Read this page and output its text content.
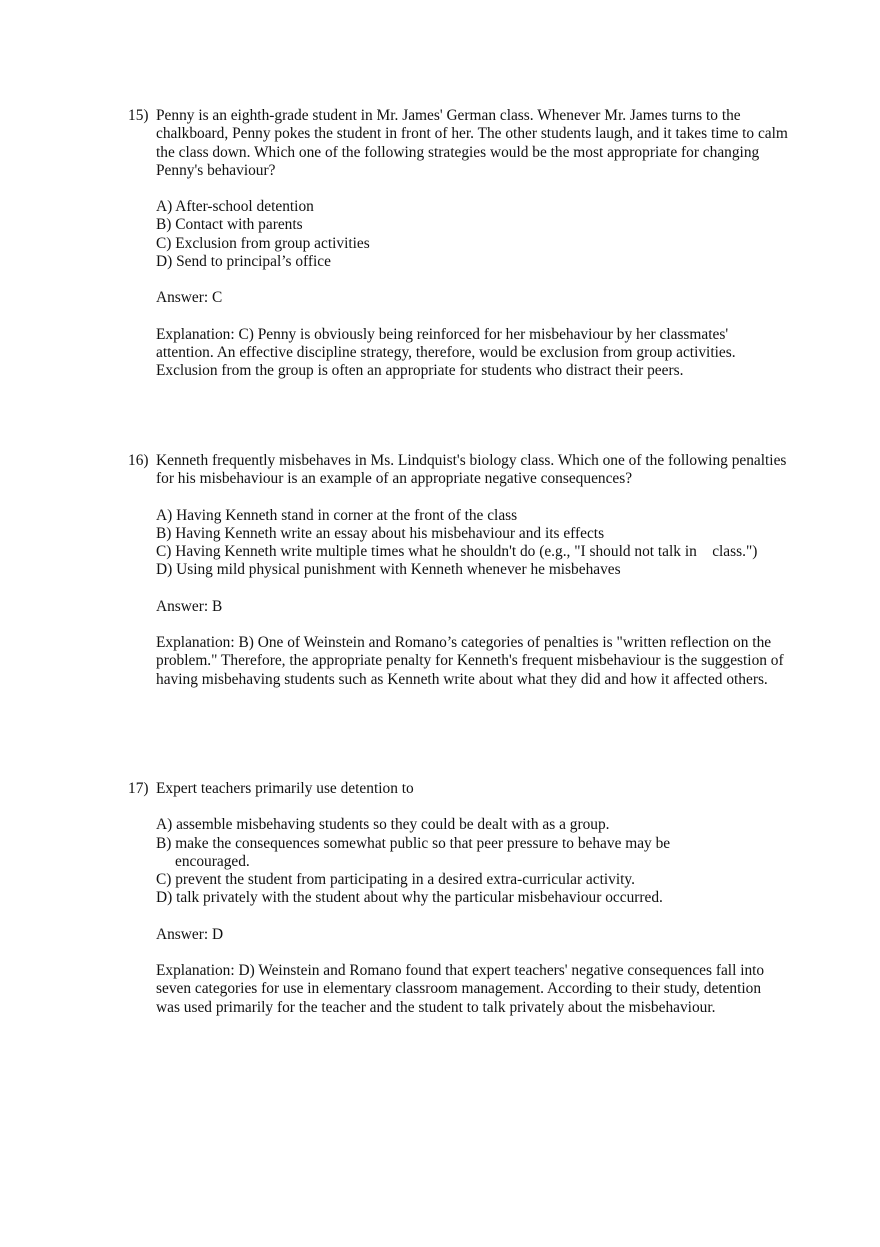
15) Penny is an eighth-grade student in Mr. James' German class. Whenever Mr. James turns to the chalkboard, Penny pokes the student in front of her. The other students laugh, and it takes time to calm the class down. Which one of the following strategies would be the most appropriate for changing Penny's behaviour?
A) After-school detention
B) Contact with parents
C) Exclusion from group activities
D) Send to principal’s office
Answer: C
Explanation: C) Penny is obviously being reinforced for her misbehaviour by her classmates' attention. An effective discipline strategy, therefore, would be exclusion from group activities. Exclusion from the group is often an appropriate for students who distract their peers.
16) Kenneth frequently misbehaves in Ms. Lindquist's biology class. Which one of the following penalties for his misbehaviour is an example of an appropriate negative consequences?
A) Having Kenneth stand in corner at the front of the class
B) Having Kenneth write an essay about his misbehaviour and its effects
C) Having Kenneth write multiple times what he shouldn't do (e.g., "I should not talk in    class.")
D) Using mild physical punishment with Kenneth whenever he misbehaves
Answer: B
Explanation: B) One of Weinstein and Romano’s categories of penalties is "written reflection on the problem." Therefore, the appropriate penalty for Kenneth's frequent misbehaviour is the suggestion of having misbehaving students such as Kenneth write about what they did and how it affected others.
17) Expert teachers primarily use detention to
A) assemble misbehaving students so they could be dealt with as a group.
B) make the consequences somewhat public so that peer pressure to behave may be encouraged.
C) prevent the student from participating in a desired extra-curricular activity.
D) talk privately with the student about why the particular misbehaviour occurred.
Answer: D
Explanation: D) Weinstein and Romano found that expert teachers' negative consequences fall into seven categories for use in elementary classroom management. According to their study, detention was used primarily for the teacher and the student to talk privately about the misbehaviour.
